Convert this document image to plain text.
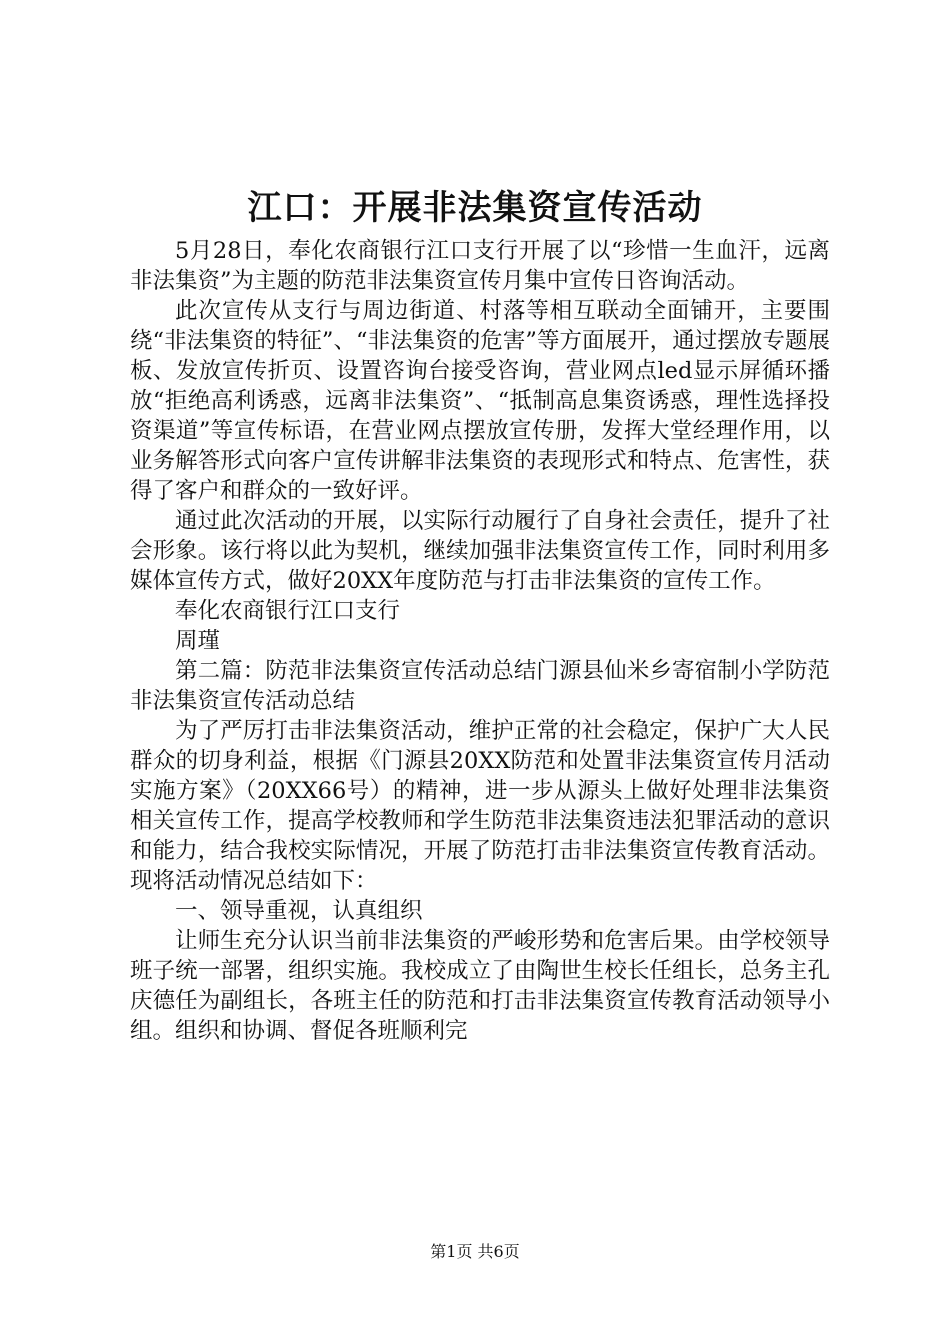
江口：开展非法集资宣传活动

5月28日，奉化农商银行江口支行开展了以“珍惜一生血汗，远离非法集资”为主题的防范非法集资宣传月集中宣传日咨询活动。

此次宣传从支行与周边街道、村落等相互联动全面铺开，主要围绕“非法集资的特征”、“非法集资的危害”等方面展开，通过摆放专题展板、发放宣传折页、设置咨询台接受咨询，营业网点led显示屏循环播放“拒绝高利诱惑，远离非法集资”、“抵制高息集资诱惑，理性选择投资渠道”等宣传标语，在营业网点摆放宣传册，发挥大堂经理作用，以业务解答形式向客户宣传讲解非法集资的表现形式和特点、危害性，获得了客户和群众的一致好评。

通过此次活动的开展，以实际行动履行了自身社会责任，提升了社会形象。该行将以此为契机，继续加强非法集资宣传工作，同时利用多媒体宣传方式，做好20XX年度防范与打击非法集资的宣传工作。

奉化农商银行江口支行

周瑾

第二篇：防范非法集资宣传活动总结门源县仙米乡寄宿制小学防范非法集资宣传活动总结

为了严厉打击非法集资活动，维护正常的社会稳定，保护广大人民群众的切身利益，根据《门源县20XX防范和处置非法集资宣传月活动实施方案》（20XX66号）的精神，进一步从源头上做好处理非法集资相关宣传工作，提高学校教师和学生防范非法集资违法犯罪活动的意识和能力，结合我校实际情况，开展了防范打击非法集资宣传教育活动。现将活动情况总结如下：

一、领导重视，认真组织

让师生充分认识当前非法集资的严峻形势和危害后果。由学校领导班子统一部署，组织实施。我校成立了由陶世生校长任组长，总务主孔庆德任为副组长，各班主任的防范和打击非法集资宣传教育活动领导小组。组织和协调、督促各班顺利完

第1页 共6页
